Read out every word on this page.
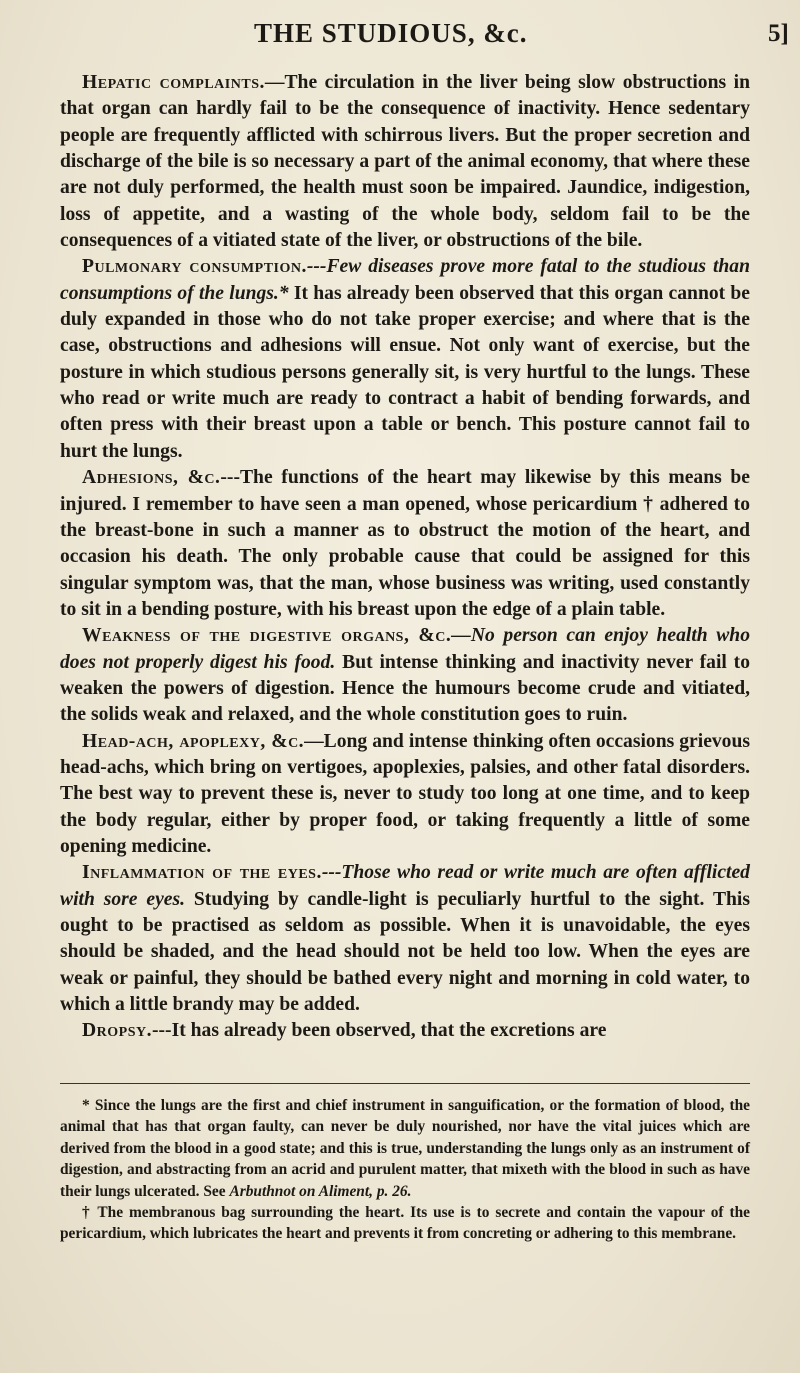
THE STUDIOUS, &c.	5]

Hepatic complaints.—The circulation in the liver being slow obstructions in that organ can hardly fail to be the consequence of inactivity. Hence sedentary people are frequently afflicted with schirrous livers. But the proper secretion and discharge of the bile is so necessary a part of the animal economy, that where these are not duly performed, the health must soon be impaired. Jaundice, indigestion, loss of appetite, and a wasting of the whole body, seldom fail to be the consequences of a vitiated state of the liver, or obstructions of the bile.

Pulmonary consumption.---Few diseases prove more fatal to the studious than consumptions of the lungs.* It has already been observed that this organ cannot be duly expanded in those who do not take proper exercise; and where that is the case, obstructions and adhesions will ensue. Not only want of exercise, but the posture in which studious persons generally sit, is very hurtful to the lungs. These who read or write much are ready to contract a habit of bending forwards, and often press with their breast upon a table or bench. This posture cannot fail to hurt the lungs.

Adhesions, &c.---The functions of the heart may likewise by this means be injured. I remember to have seen a man opened, whose pericardium † adhered to the breast-bone in such a manner as to obstruct the motion of the heart, and occasion his death. The only probable cause that could be assigned for this singular symptom was, that the man, whose business was writing, used constantly to sit in a bending posture, with his breast upon the edge of a plain table.

Weakness of the digestive organs, &c.—No person can enjoy health who does not properly digest his food. But intense thinking and inactivity never fail to weaken the powers of digestion. Hence the humours become crude and vitiated, the solids weak and relaxed, and the whole constitution goes to ruin.

Head-ach, apoplexy, &c.—Long and intense thinking often occasions grievous head-achs, which bring on vertigoes, apoplexies, palsies, and other fatal disorders. The best way to prevent these is, never to study too long at one time, and to keep the body regular, either by proper food, or taking frequently a little of some opening medicine.

Inflammation of the eyes.---Those who read or write much are often afflicted with sore eyes. Studying by candle-light is peculiarly hurtful to the sight. This ought to be practised as seldom as possible. When it is unavoidable, the eyes should be shaded, and the head should not be held too low. When the eyes are weak or painful, they should be bathed every night and morning in cold water, to which a little brandy may be added.

Dropsy.---It has already been observed, that the excretions are

* Since the lungs are the first and chief instrument in sanguification, or the formation of blood, the animal that has that organ faulty, can never be duly nourished, nor have the vital juices which are derived from the blood in a good state; and this is true, understanding the lungs only as an instrument of digestion, and abstracting from an acrid and purulent matter, that mixeth with the blood in such as have their lungs ulcerated. See Arbuthnot on Aliment, p. 26.

† The membranous bag surrounding the heart. Its use is to secrete and contain the vapour of the pericardium, which lubricates the heart and prevents it from concreting or adhering to this membrane.
